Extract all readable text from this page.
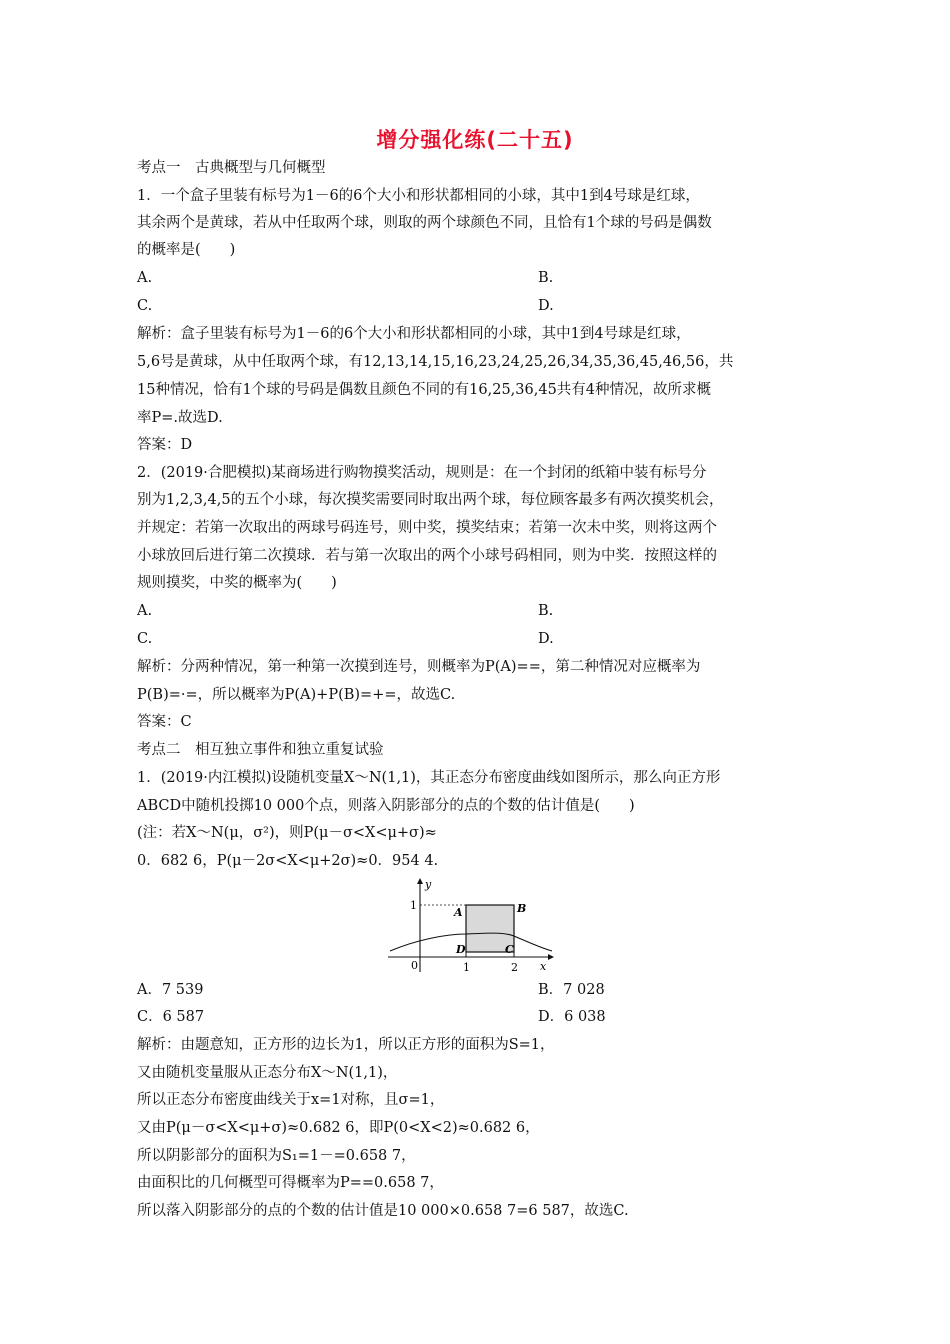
增分强化练(二十五)
考点一　古典概型与几何概型
1．一个盒子里装有标号为1－6的6个大小和形状都相同的小球，其中1到4号球是红球，
其余两个是黄球，若从中任取两个球，则取的两个球颜色不同，且恰有1个球的号码是偶数
的概率是(　　)
A.	B.
C.	D.
解析：盒子里装有标号为1－6的6个大小和形状都相同的小球，其中1到4号球是红球，
5,6号是黄球，从中任取两个球，有12,13,14,15,16,23,24,25,26,34,35,36,45,46,56，共
15种情况，恰有1个球的号码是偶数且颜色不同的有16,25,36,45共有4种情况，故所求概
率P=.故选D.
答案：D
2．(2019·合肥模拟)某商场进行购物摸奖活动，规则是：在一个封闭的纸箱中装有标号分
别为1,2,3,4,5的五个小球，每次摸奖需要同时取出两个球，每位顾客最多有两次摸奖机会，
并规定：若第一次取出的两球号码连号，则中奖，摸奖结束；若第一次未中奖，则将这两个
小球放回后进行第二次摸球．若与第一次取出的两个小球号码相同，则为中奖．按照这样的
规则摸奖，中奖的概率为(　　)
A.	B.
C.	D.
解析：分两种情况，第一种第一次摸到连号，则概率为P(A)==，第二种情况对应概率为
P(B)=·=，所以概率为P(A)+P(B)=+=，故选C.
答案：C
考点二　相互独立事件和独立重复试验
1．(2019·内江模拟)设随机变量X～N(1,1)，其正态分布密度曲线如图所示，那么向正方形
ABCD中随机投掷10 000个点，则落入阴影部分的点的个数的估计值是(　　)
(注：若X～N(μ，σ²)，则P(μ－σ<X<μ+σ)≈
0．682 6，P(μ－2σ<X<μ+2σ)≈0．954 4.
y
x
0
1
1	2
A	B
C
D
A．7 539	B．7 028
C．6 587	D．6 038
解析：由题意知，正方形的边长为1，所以正方形的面积为S=1，
又由随机变量服从正态分布X～N(1,1)，
所以正态分布密度曲线关于x=1对称，且σ=1，
又由P(μ－σ<X<μ+σ)≈0.682 6，即P(0<X<2)≈0.682 6，
所以阴影部分的面积为S₁=1－=0.658 7，
由面积比的几何概型可得概率为P==0.658 7，
所以落入阴影部分的点的个数的估计值是10 000×0.658 7=6 587，故选C.
